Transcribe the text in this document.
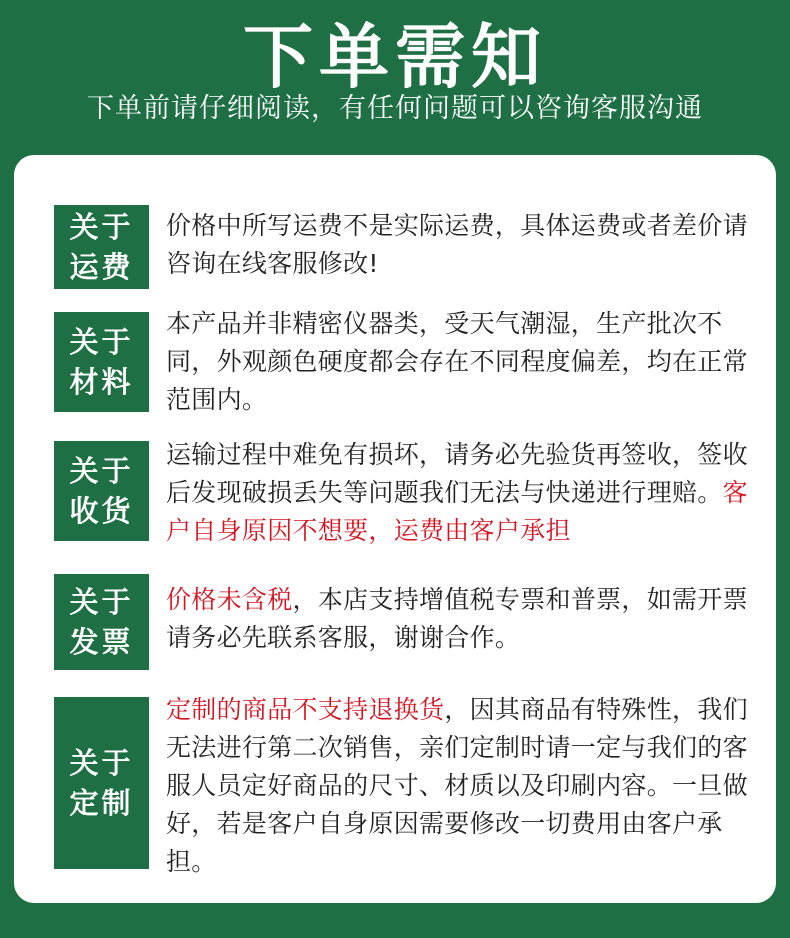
下单需知
下单前请仔细阅读，有任何问题可以咨询客服沟通
关于
运费
价格中所写运费不是实际运费，具体运费或者差价请咨询在线客服修改!
关于
材料
本产品并非精密仪器类，受天气潮湿，生产批次不同，外观颜色硬度都会存在不同程度偏差，均在正常范围内。
关于
收货
运输过程中难免有损坏，请务必先验货再签收，签收后发现破损丢失等问题我们无法与快递进行理赔。客户自身原因不想要，运费由客户承担
关于
发票
价格未含税，本店支持增值税专票和普票，如需开票请务必先联系客服，谢谢合作。
关于
定制
定制的商品不支持退换货，因其商品有特殊性，我们无法进行第二次销售，亲们定制时请一定与我们的客服人员定好商品的尺寸、材质以及印刷内容。一旦做好，若是客户自身原因需要修改一切费用由客户承担。
